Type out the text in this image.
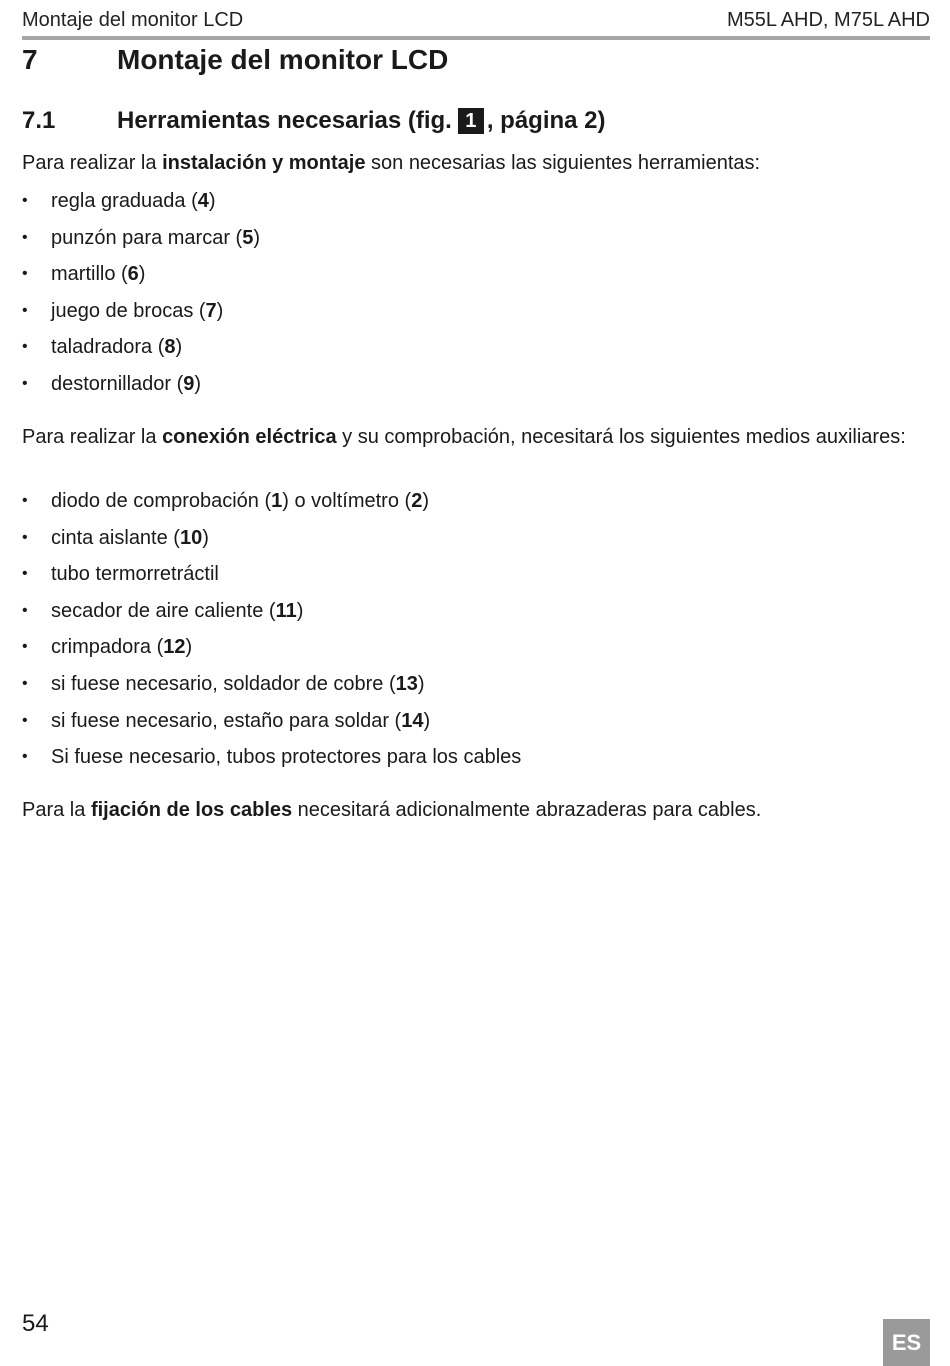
Montaje del monitor LCD	M55L AHD, M75L AHD
7	Montaje del monitor LCD
7.1	Herramientas necesarias (fig. 1 , página 2)
Para realizar la instalación y montaje son necesarias las siguientes herramientas:
•	regla graduada (4)
•	punzón para marcar (5)
•	martillo (6)
•	juego de brocas (7)
•	taladradora (8)
•	destornillador (9)
Para realizar la conexión eléctrica y su comprobación, necesitará los siguientes medios auxiliares:
•	diodo de comprobación (1) o voltímetro (2)
•	cinta aislante (10)
•	tubo termorretráctil
•	secador de aire caliente (11)
•	crimpadora (12)
•	si fuese necesario, soldador de cobre (13)
•	si fuese necesario, estaño para soldar (14)
•	Si fuese necesario, tubos protectores para los cables
Para la fijación de los cables necesitará adicionalmente abrazaderas para cables.
54
ES
